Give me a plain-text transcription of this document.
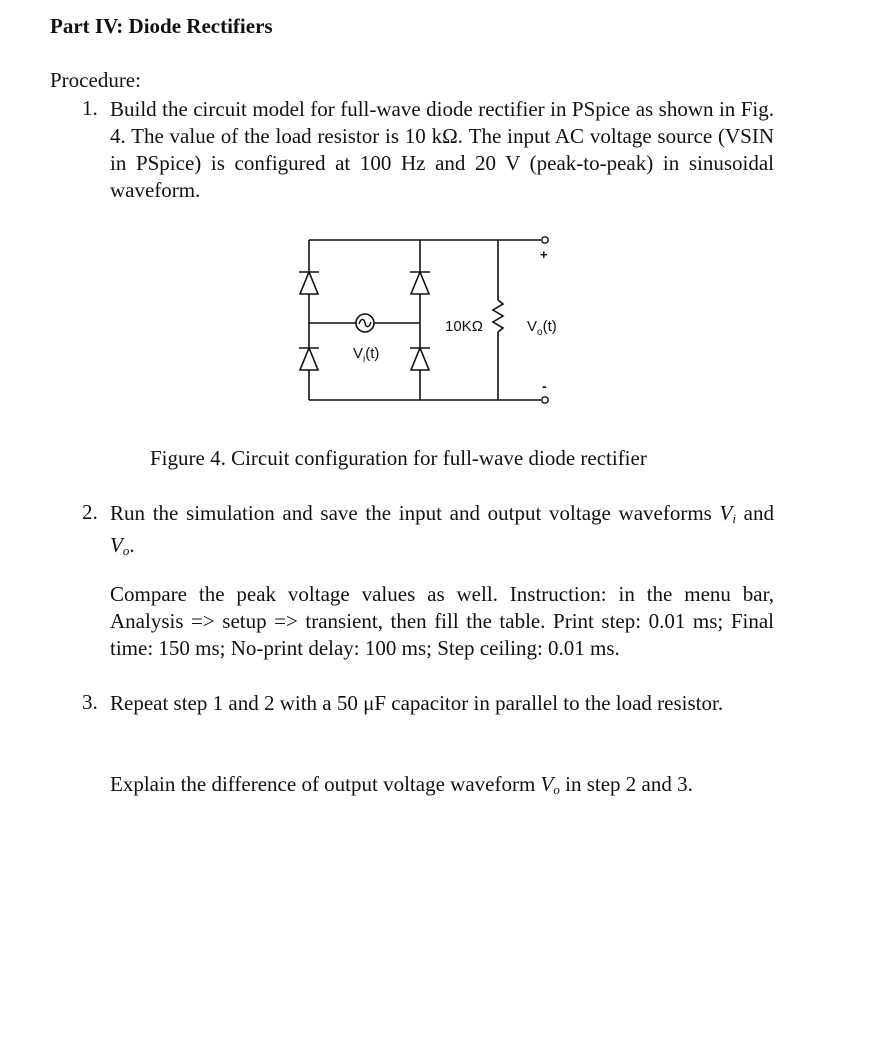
Part IV: Diode Rectifiers
Procedure:
1. Build the circuit model for full-wave diode rectifier in PSpice as shown in Fig. 4. The value of the load resistor is 10 kΩ. The input AC voltage source (VSIN in PSpice) is configured at 100 Hz and 20 V (peak-to-peak) in sinusoidal waveform.
+
-
10KΩ	$V_o(t)$
$V_i(t)$
Figure 4. Circuit configuration for full-wave diode rectifier
2. Run the simulation and save the input and output voltage waveforms $V_i$ and $V_o$.
Compare the peak voltage values as well. Instruction: in the menu bar, Analysis => setup => transient, then fill the table. Print step: 0.01 ms; Final time: 150 ms; No-print delay: 100 ms; Step ceiling: 0.01 ms.
3. Repeat step 1 and 2 with a 50 μF capacitor in parallel to the load resistor.
Explain the difference of output voltage waveform $V_o$ in step 2 and 3.
